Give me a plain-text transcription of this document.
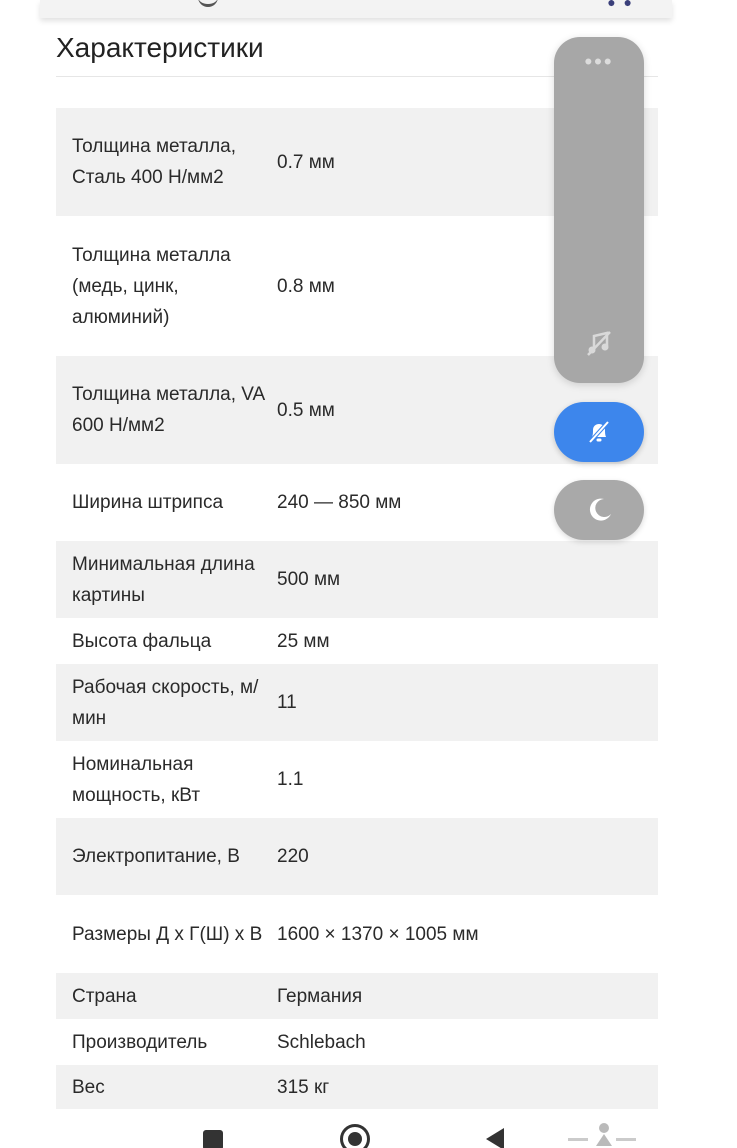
● ●
Характеристики
Толщина металла, Сталь 400 Н/мм2	0.7 мм
Толщина металла (медь, цинк, алюминий)	0.8 мм
Толщина металла, VA 600 Н/мм2	0.5 мм
Ширина штрипса	240 — 850 мм
Минимальная длина картины	500 мм
Высота фальца	25 мм
Рабочая скорость, м/мин	11
Номинальная мощность, кВт	1.1
Электропитание, В	220
Размеры Д х Г(Ш) х В	1600 × 1370 × 1005 мм
Страна	Германия
Производитель	Schlebach
Вес	315 кг
•••
